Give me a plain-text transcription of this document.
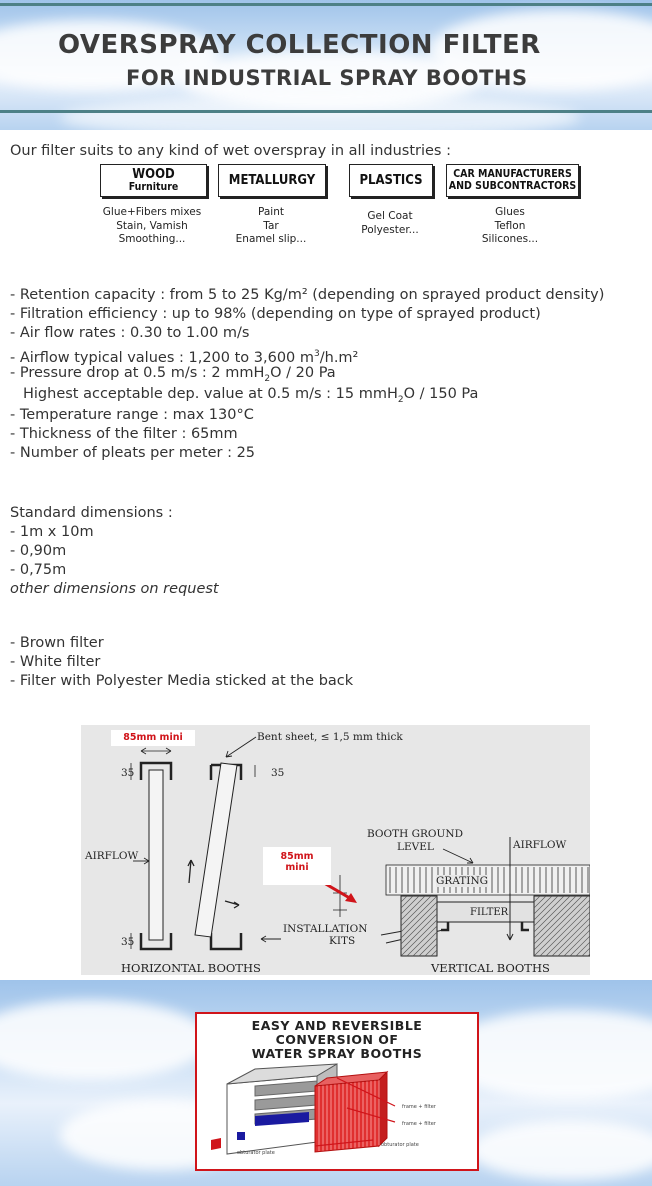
OVERSPRAY COLLECTION FILTER
FOR INDUSTRIAL SPRAY BOOTHS
Our filter suits to any kind of wet overspray in all industries :
WOOD
Furniture	METALLURGY	PLASTICS	CAR MANUFACTURERS
AND SUBCONTRACTORS
Glue+Fibers mixes
Stain, Vamish
Smoothing...
Paint
Tar
Enamel slip...
Gel Coat
Polyester...
Glues
Teflon
Silicones...
- Retention capacity : from 5 to 25 Kg/m² (depending on sprayed product density)
- Filtration efficiency : up to 98% (depending on type of sprayed product)
- Air flow rates : 0.30 to 1.00 m/s
- Airflow typical values : 1,200 to 3,600 $m^3/h.m^2$
- Pressure drop at 0.5 m/s : 2 mmH$_2$O / 20 Pa
Highest acceptable dep. value at 0.5 m/s : 15 mmH$_2$O / 150 Pa
- Temperature range : max 130°C
- Thickness of the filter : 65mm
- Number of pleats per meter : 25
Standard dimensions :
- 1m x 10m
- 0,90m
- 0,75m
other dimensions on request
- Brown filter
- White filter
- Filter with Polyester Media sticked at the back
85mm mini	Bent sheet, ≤ 1,5 mm thick
35	35
35
AIRFLOW	85mm
mini
INSTALLATION
KITS
HORIZONTAL BOOTHS
BOOTH GROUND
LEVEL	AIRFLOW
GRATING
FILTER
VERTICAL BOOTHS
EASY AND REVERSIBLE
CONVERSION OF
WATER SPRAY BOOTHS
frame + filter
frame + filter
obturator plate
obturator plate
